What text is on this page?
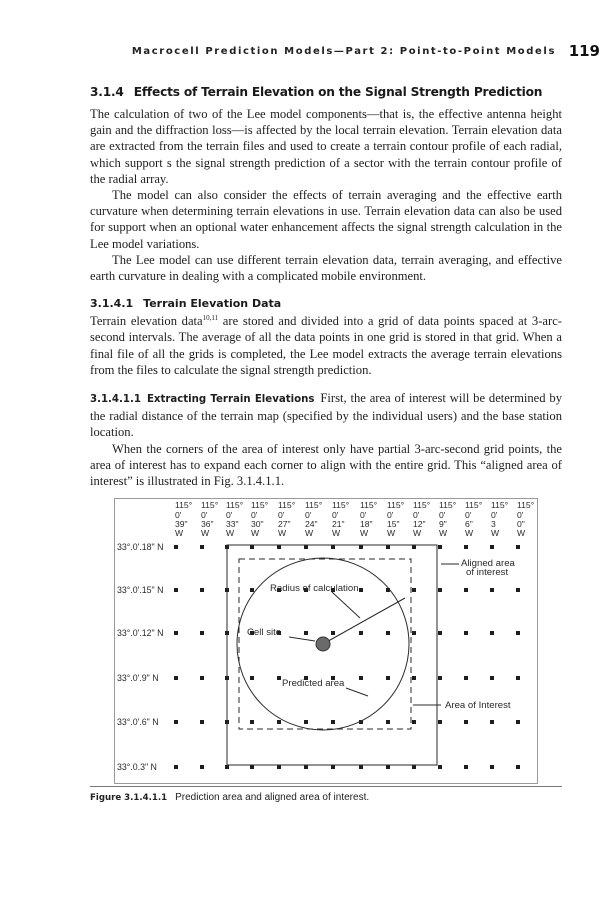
Macrocell Prediction Models—Part 2: Point-to-Point Models 119
3.1.4 Effects of Terrain Elevation on the Signal Strength Prediction

The calculation of two of the Lee model components—that is, the effective antenna height gain and the diffraction loss—is affected by the local terrain elevation. Terrain elevation data are extracted from the terrain files and used to create a terrain contour profile of each radial, which support s the signal strength prediction of a sector with the terrain contour profile of the radial array.

The model can also consider the effects of terrain averaging and the effective earth curvature when determining terrain elevations in use. Terrain elevation data can also be used for support when an optional water enhancement affects the signal strength calculation in the Lee model variations.

The Lee model can use different terrain elevation data, terrain averaging, and effective earth curvature in dealing with a complicated mobile environment.

3.1.4.1 Terrain Elevation Data

Terrain elevation data$^{10,11}$ are stored and divided into a grid of data points spaced at 3-arc-second intervals. The average of all the data points in one grid is stored in that grid. When a final file of all the grids is completed, the Lee model extracts the average terrain elevations from the files to calculate the signal strength prediction.

3.1.4.1.1 Extracting Terrain Elevations First, the area of interest will be determined by the radial distance of the terrain map (specified by the individual users) and the base station location.

When the corners of the area of interest only have partial 3-arc-second grid points, the area of interest has to expand each corner to align with the entire grid. This “aligned area of interest” is illustrated in Fig. 3.1.4.1.1.

115°
0'
39"
W
115°
0'
36"
W
115°
0'
33"
W
115°
0'
30"
W
115°
0'
27"
W
115°
0'
24"
W
115°
0'
21"
W
115°
0'
18"
W
115°
0'
15"
W
115°
0'
12"
W
115°
0'
9"
W
115°
0'
6"
W
115°
0'
3
W
115°
0'
0"
W
33°.0'.18" N
33°.0'.15" N
33°.0'.12" N
33°.0'.9" N
33°.0'.6" N
33°.0.3" N
Radius of calculation
Cell site
Predicted area
Aligned area
of interest
Area of Interest
Figure 3.1.4.1.1 Prediction area and aligned area of interest.
